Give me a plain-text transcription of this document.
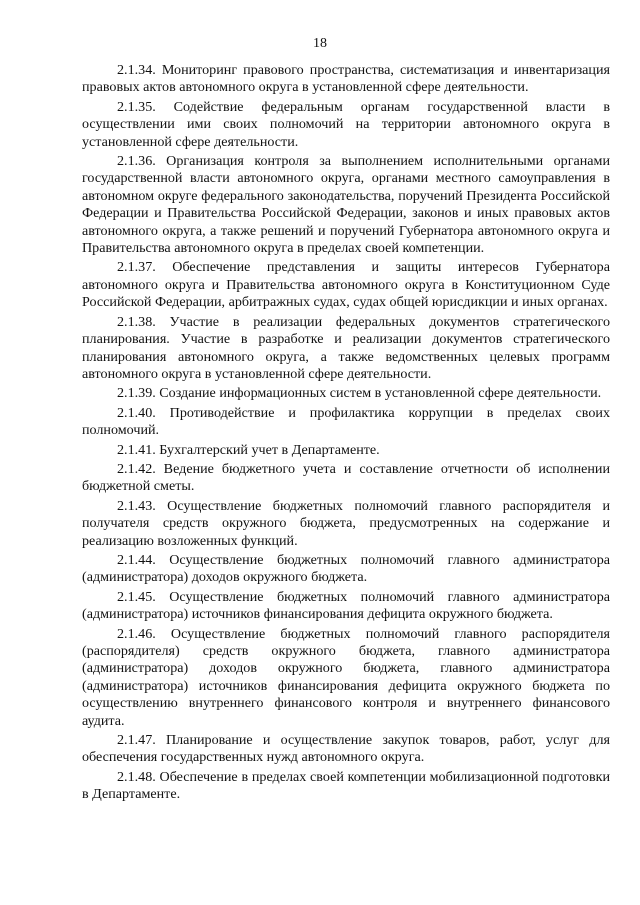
18

2.1.34. Мониторинг правового пространства, систематизация и инвентаризация правовых актов автономного округа в установленной сфере деятельности.

2.1.35. Содействие федеральным органам государственной власти в осуществлении ими своих полномочий на территории автономного округа в установленной сфере деятельности.

2.1.36. Организация контроля за выполнением исполнительными органами государственной власти автономного округа, органами местного самоуправления в автономном округе федерального законодательства, поручений Президента Российской Федерации и Правительства Российской Федерации, законов и иных правовых актов автономного округа, а также решений и поручений Губернатора автономного округа и Правительства автономного округа в пределах своей компетенции.

2.1.37. Обеспечение представления и защиты интересов Губернатора автономного округа и Правительства автономного округа в Конституционном Суде Российской Федерации, арбитражных судах, судах общей юрисдикции и иных органах.

2.1.38. Участие в реализации федеральных документов стратегического планирования. Участие в разработке и реализации документов стратегического планирования автономного округа, а также ведомственных целевых программ автономного округа в установленной сфере деятельности.

2.1.39. Создание информационных систем в установленной сфере деятельности.

2.1.40. Противодействие и профилактика коррупции в пределах своих полномочий.

2.1.41. Бухгалтерский учет в Департаменте.

2.1.42. Ведение бюджетного учета и составление отчетности об исполнении бюджетной сметы.

2.1.43. Осуществление бюджетных полномочий главного распорядителя и получателя средств окружного бюджета, предусмотренных на содержание и реализацию возложенных функций.

2.1.44. Осуществление бюджетных полномочий главного администратора (администратора) доходов окружного бюджета.

2.1.45. Осуществление бюджетных полномочий главного администратора (администратора) источников финансирования дефицита окружного бюджета.

2.1.46. Осуществление бюджетных полномочий главного распорядителя (распорядителя) средств окружного бюджета, главного администратора (администратора) доходов окружного бюджета, главного администратора (администратора) источников финансирования дефицита окружного бюджета по осуществлению внутреннего финансового контроля и внутреннего финансового аудита.

2.1.47. Планирование и осуществление закупок товаров, работ, услуг для обеспечения государственных нужд автономного округа.

2.1.48. Обеспечение в пределах своей компетенции мобилизационной подготовки в Департаменте.
